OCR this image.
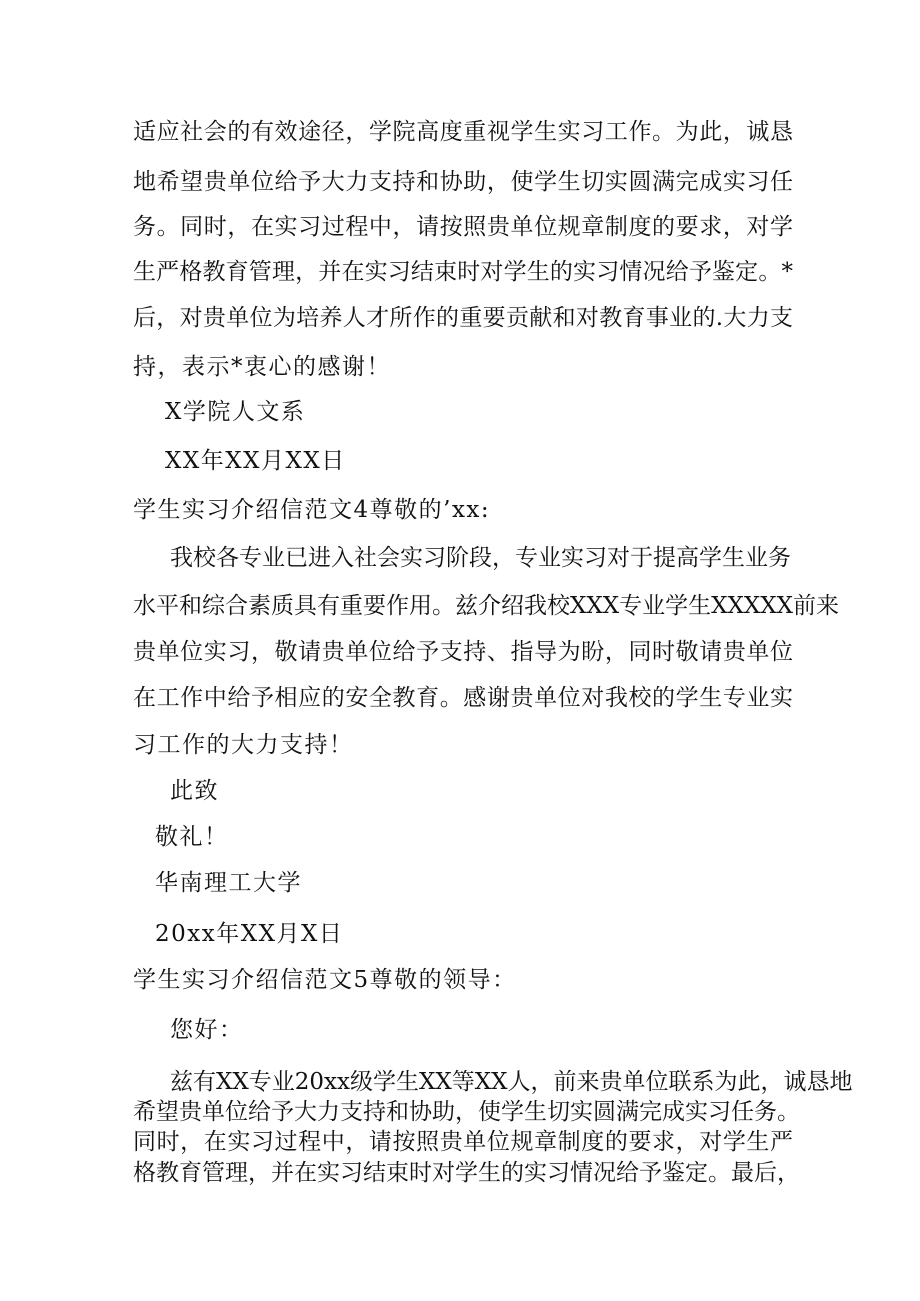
适应社会的有效途径，学院高度重视学生实习工作。为此，诚恳
地希望贵单位给予大力支持和协助，使学生切实圆满完成实习任
务。同时，在实习过程中，请按照贵单位规章制度的要求，对学
生严格教育管理，并在实习结束时对学生的实习情况给予鉴定。*
后，对贵单位为培养人才所作的重要贡献和对教育事业的.大力支
持，表示*衷心的感谢！
X学院人文系
XX年XX月XX日
学生实习介绍信范文4尊敬的’xx:
我校各专业已进入社会实习阶段，专业实习对于提高学生业务
水平和综合素质具有重要作用。兹介绍我校XXX专业学生XXXXX前来
贵单位实习，敬请贵单位给予支持、指导为盼，同时敬请贵单位
在工作中给予相应的安全教育。感谢贵单位对我校的学生专业实
习工作的大力支持！
此致
敬礼！
华南理工大学
20xx年XX月X日
学生实习介绍信范文5尊敬的领导：
您好：
兹有XX专业20xx级学生XX等XX人，前来贵单位联系为此，诚恳地
希望贵单位给予大力支持和协助，使学生切实圆满完成实习任务。
同时，在实习过程中，请按照贵单位规章制度的要求，对学生严
格教育管理，并在实习结束时对学生的实习情况给予鉴定。最后，
